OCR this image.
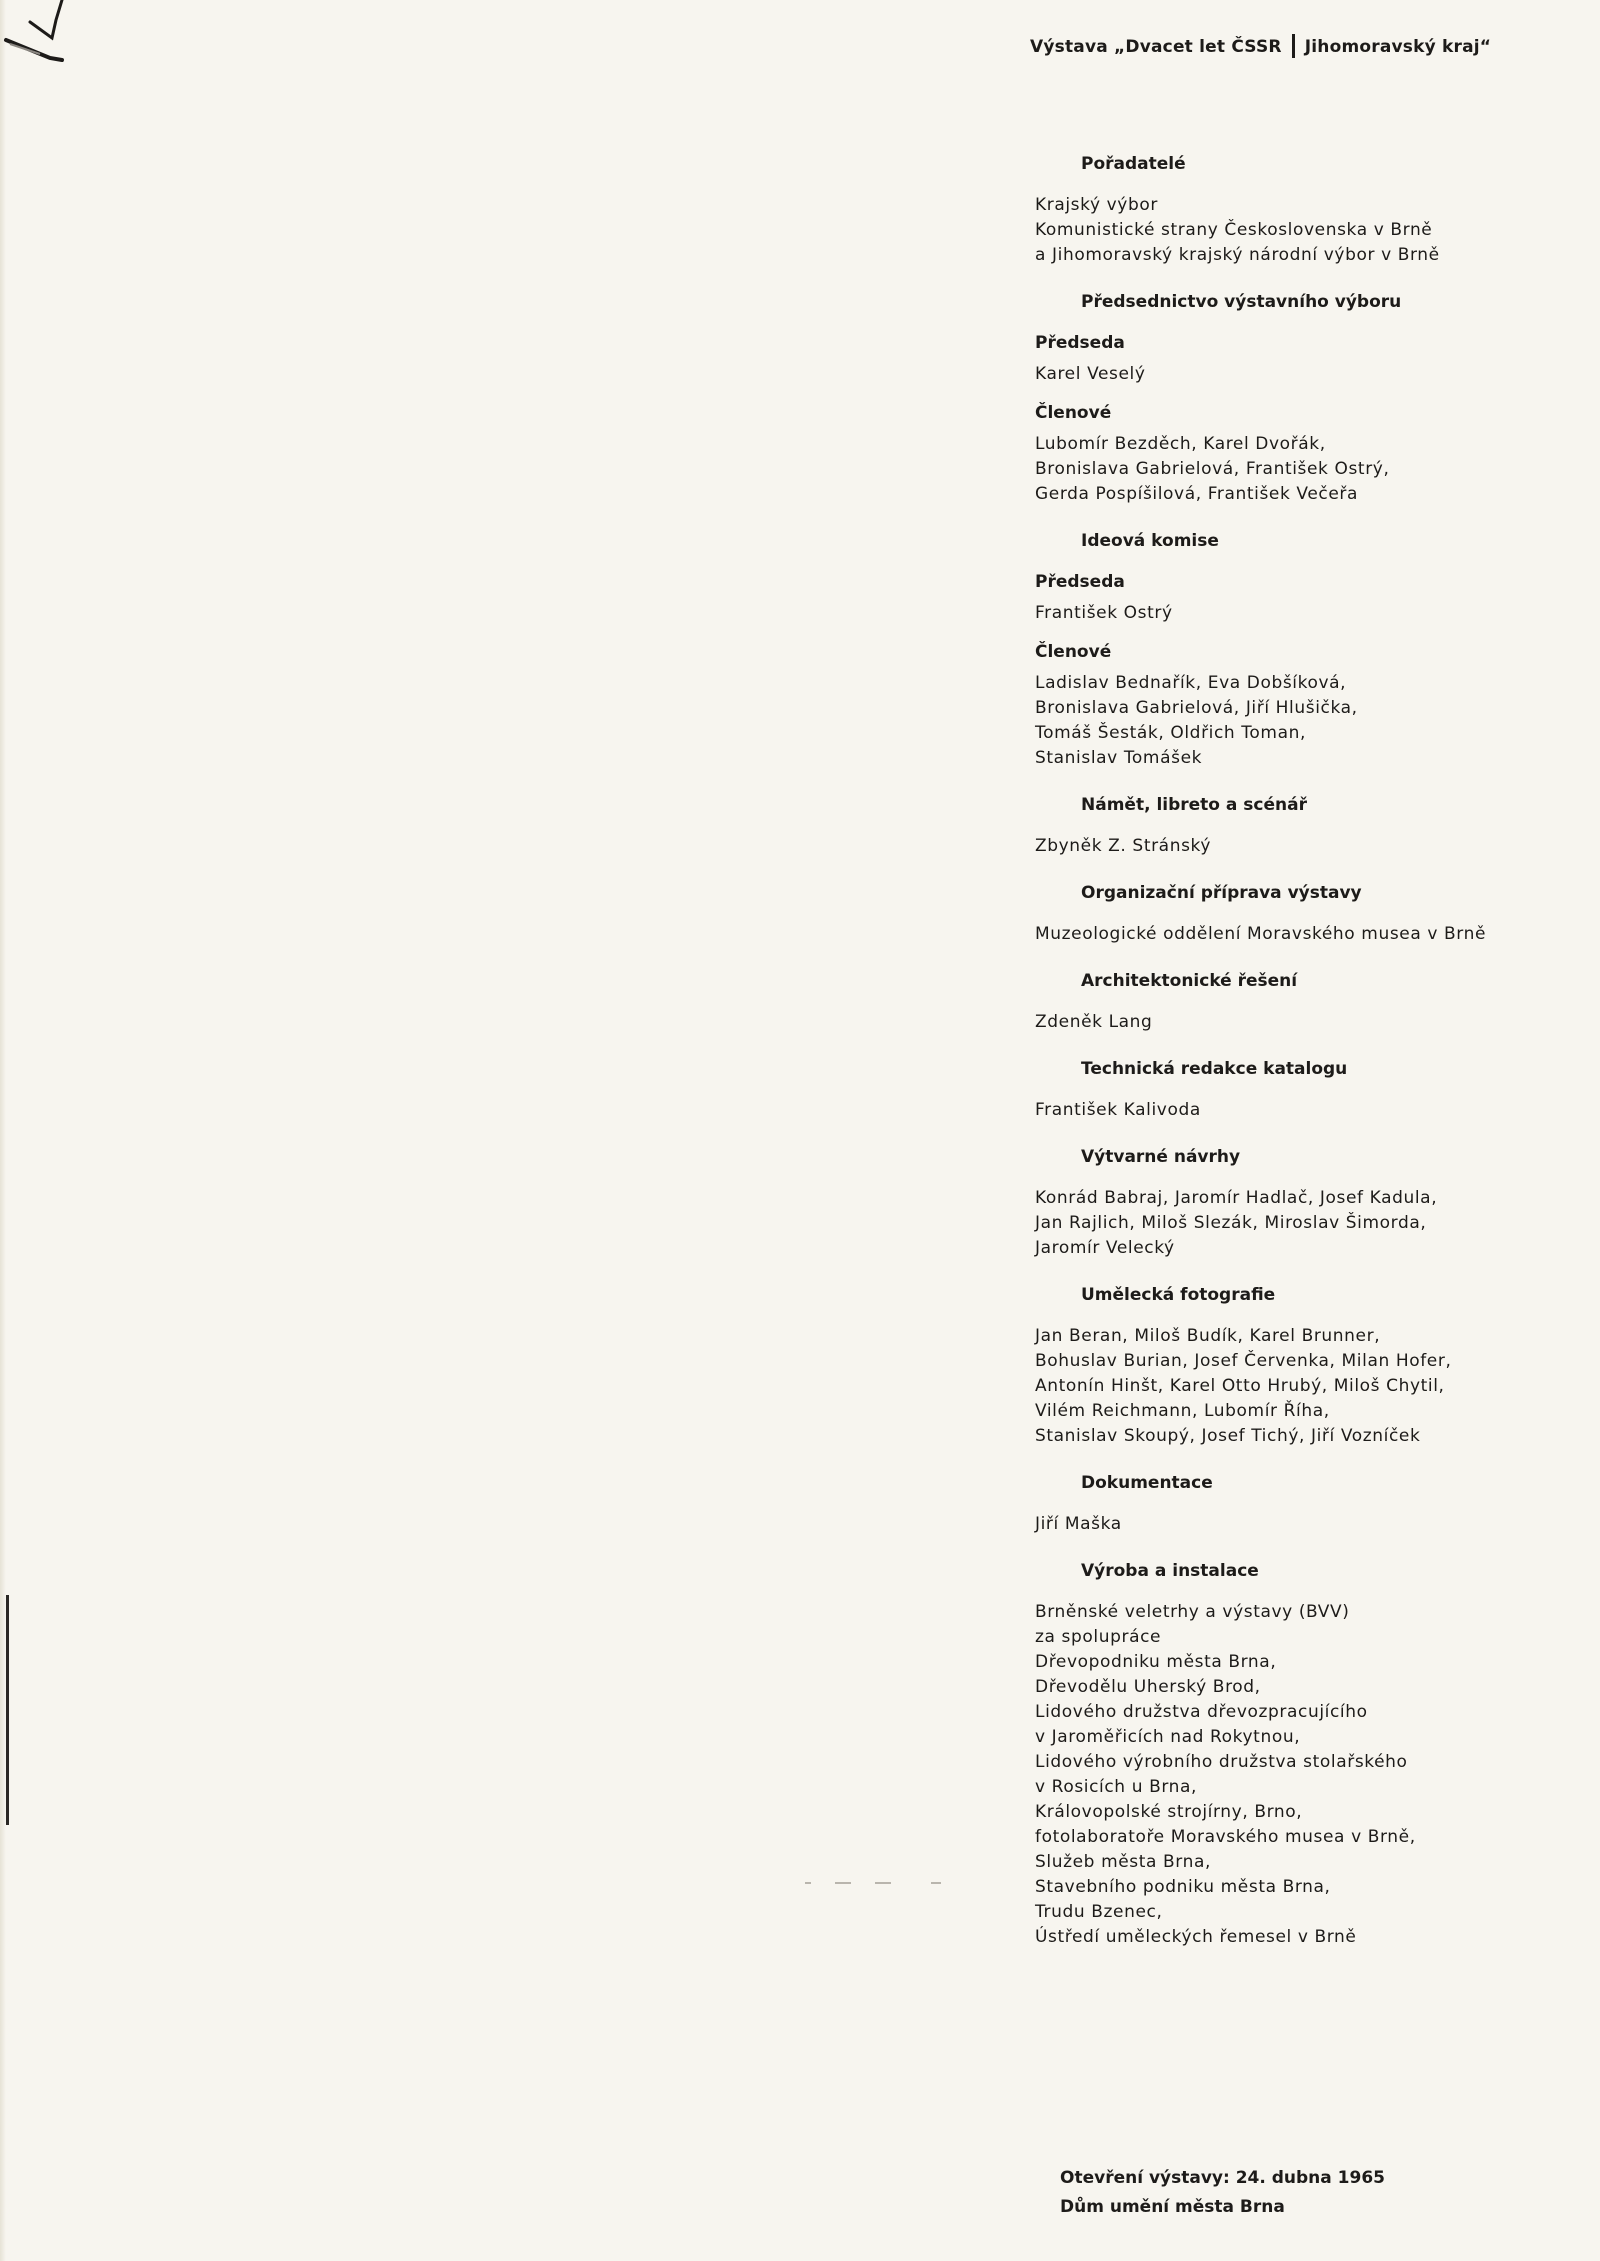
Výstava „Dvacet let ČSSR Jihomoravský kraj“
Pořadatelé
Krajský výbor
Komunistické strany Československa v Brně
a Jihomoravský krajský národní výbor v Brně
Předsednictvo výstavního výboru
Předseda
Karel Veselý
Členové
Lubomír Bezděch, Karel Dvořák,
Bronislava Gabrielová, František Ostrý,
Gerda Pospíšilová, František Večeřa
Ideová komise
Předseda
František Ostrý
Členové
Ladislav Bednařík, Eva Dobšíková,
Bronislava Gabrielová, Jiří Hlušička,
Tomáš Šesták, Oldřich Toman,
Stanislav Tomášek
Námět, libreto a scénář
Zbyněk Z. Stránský
Organizační příprava výstavy
Muzeologické oddělení Moravského musea v Brně
Architektonické řešení
Zdeněk Lang
Technická redakce katalogu
František Kalivoda
Výtvarné návrhy
Konrád Babraj, Jaromír Hadlač, Josef Kadula,
Jan Rajlich, Miloš Slezák, Miroslav Šimorda,
Jaromír Velecký
Umělecká fotografie
Jan Beran, Miloš Budík, Karel Brunner,
Bohuslav Burian, Josef Červenka, Milan Hofer,
Antonín Hinšt, Karel Otto Hrubý, Miloš Chytil,
Vilém Reichmann, Lubomír Říha,
Stanislav Skoupý, Josef Tichý, Jiří Vozníček
Dokumentace
Jiří Maška
Výroba a instalace
Brněnské veletrhy a výstavy (BVV)
za spolupráce
Dřevopodniku města Brna,
Dřevodělu Uherský Brod,
Lidového družstva dřevozpracujícího
v Jaroměřicích nad Rokytnou,
Lidového výrobního družstva stolařského
v Rosicích u Brna,
Královopolské strojírny, Brno,
fotolaboratoře Moravského musea v Brně,
Služeb města Brna,
Stavebního podniku města Brna,
Trudu Bzenec,
Ústředí uměleckých řemesel v Brně
Otevření výstavy: 24. dubna 1965
Dům umění města Brna
